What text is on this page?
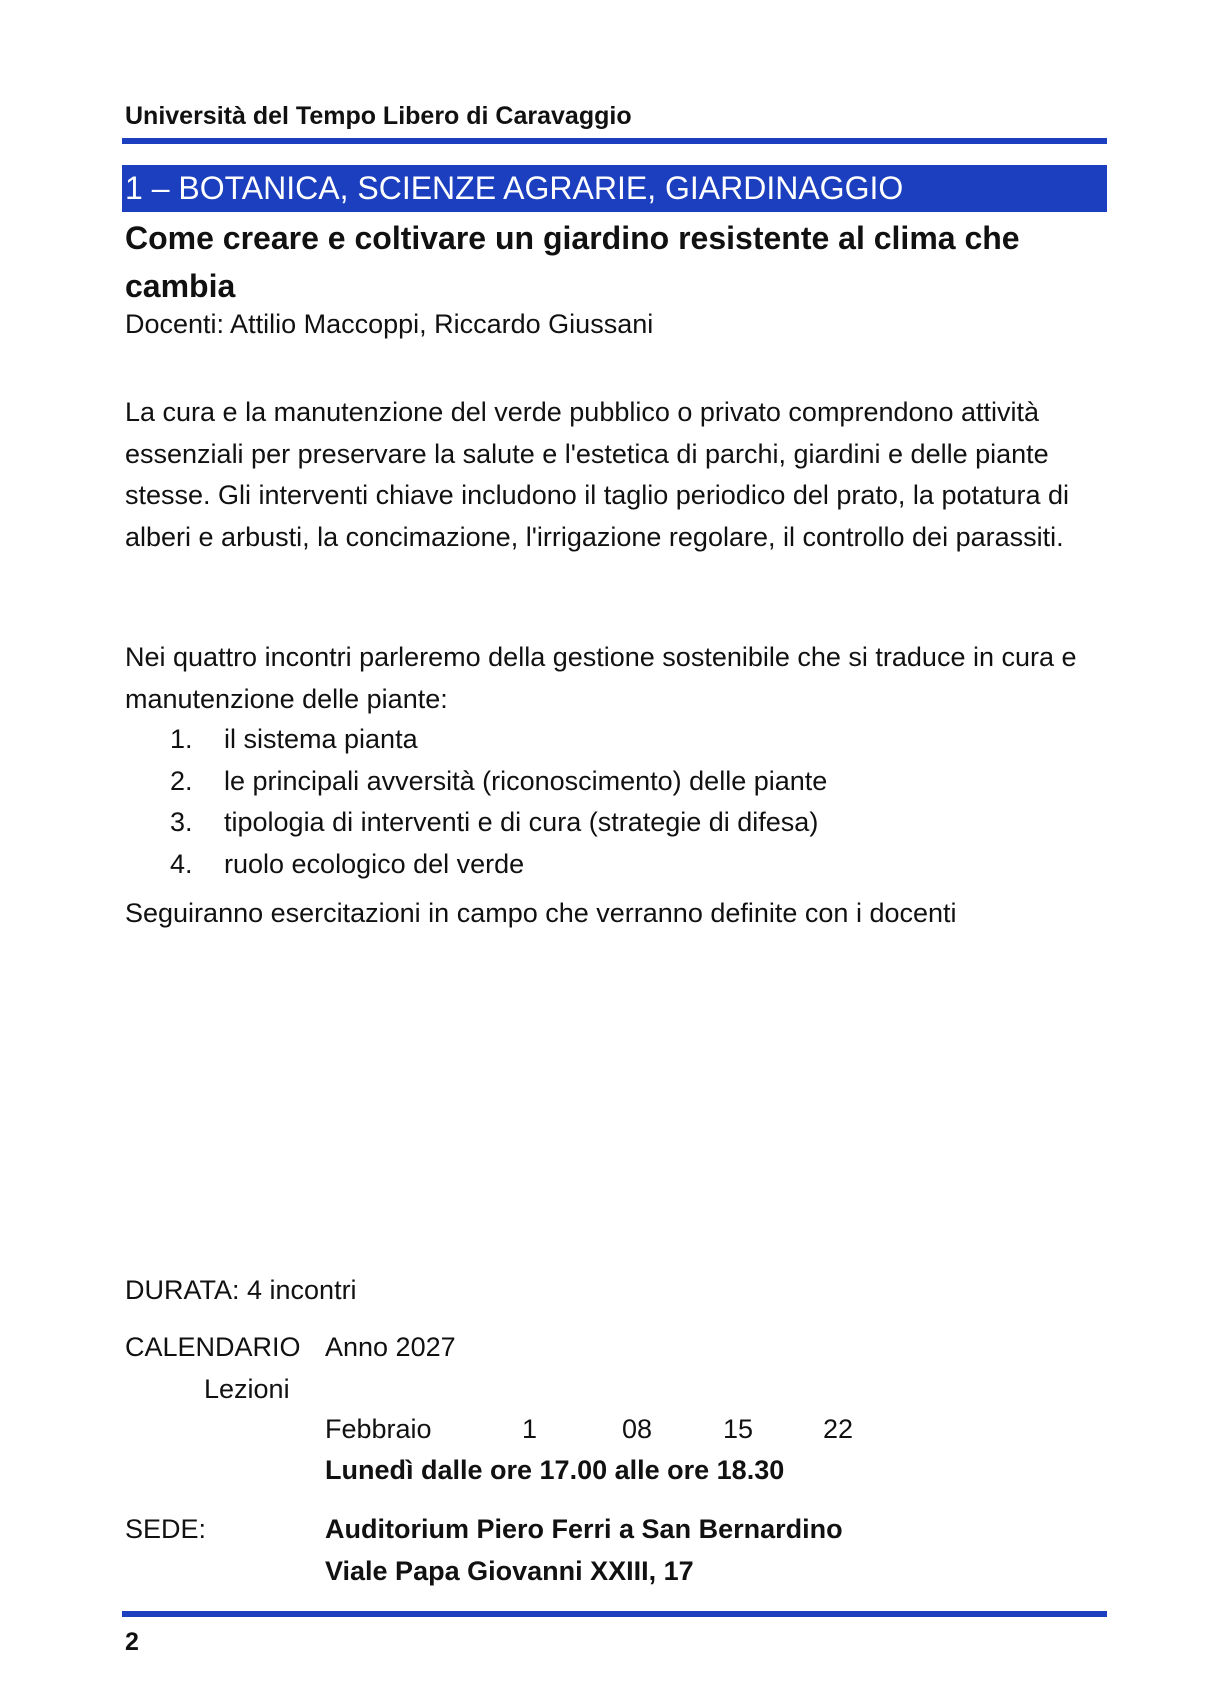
Università del Tempo Libero di Caravaggio
1 – BOTANICA, SCIENZE AGRARIE, GIARDINAGGIO
Come creare e coltivare un giardino resistente al clima che cambia
Docenti: Attilio Maccoppi, Riccardo Giussani
La cura e la manutenzione del verde pubblico o privato comprendono attività essenziali per preservare la salute e l'estetica di parchi, giardini e delle piante stesse. Gli interventi chiave includono il taglio periodico del prato, la potatura di alberi e arbusti, la concimazione, l'irrigazione regolare, il controllo dei parassiti.
Nei quattro incontri parleremo della gestione sostenibile che si traduce in cura e manutenzione delle piante:
1. il sistema pianta
2. le principali avversità (riconoscimento) delle piante
3. tipologia di interventi e di cura (strategie di difesa)
4. ruolo ecologico del verde
Seguiranno esercitazioni in campo che verranno definite con i docenti
DURATA: 4 incontri
CALENDARIO Anno 2027
Lezioni
Febbraio	1	08	15	22
Lunedì dalle ore 17.00 alle ore 18.30
SEDE:	Auditorium Piero Ferri a San Bernardino
Viale Papa Giovanni XXIII, 17
2
